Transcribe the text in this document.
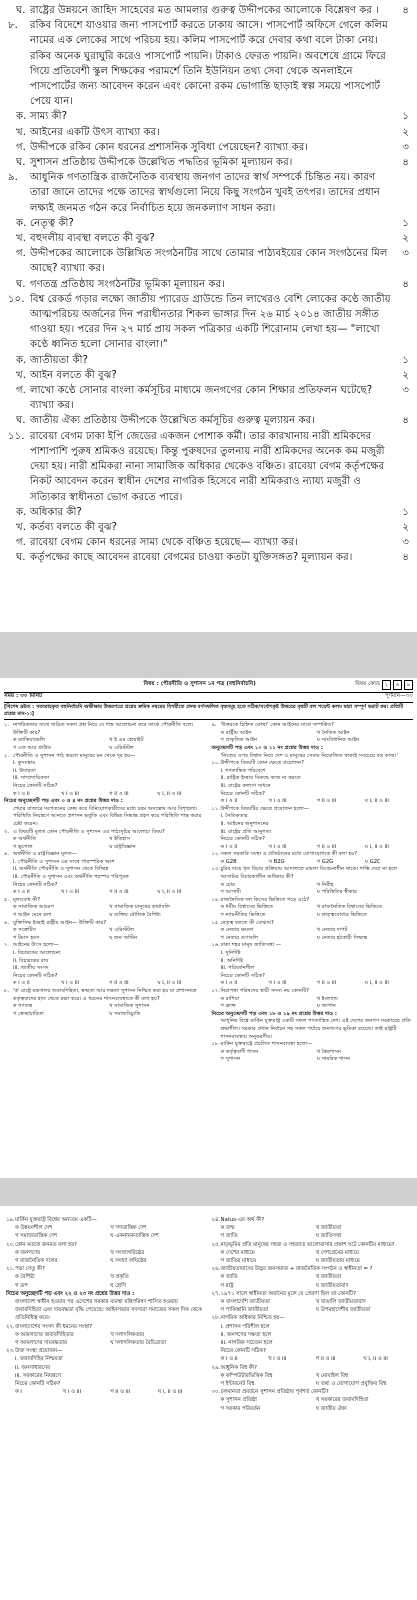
ঘ. রাষ্ট্রের উন্নয়নে জাহিদ সাহেবের মত আমলার গুরুত্ব উদ্দীপকের আলোকে বিশ্লেষণ কর ।	৪
৮.	রকিব বিদেশে যাওয়ার জন্য পাসপোর্ট করতে ঢাকায় আসে। পাসপোর্ট অফিসে গেলে কলিম নামের এক লোকের সাথে পরিচয় হয়। কলিম পাসপোর্ট করে দেবার কথা বলে টাকা নেয়। রকিব অনেক ঘুরাঘুরি করেও পাসপোর্ট পায়নি। টাকাও ফেরত পায়নি। অবশেষে গ্রামে ফিরে গিয়ে প্রতিবেশী স্কুল শিক্ষকের পরামর্শে তিনি ইউনিয়ন তথ্য সেবা থেকে অনলাইনে পাসপোর্টের জন্য আবেদন করেন এবং কোনো রকম ভোগান্তি ছাড়াই স্বল্প সময়ে পাসপোর্ট পেয়ে যান।
ক. সাম্য কী?	১
খ. আইনের একটি উৎস ব্যাখ্যা কর।	২
গ. উদ্দীপকে রকিব কোন ধরনের প্রশাসনিক সুবিধা পেয়েছেন? ব্যাখ্যা কর।	৩
ঘ. সুশাসন প্রতিষ্ঠায় উদ্দীপকে উল্লেখিত পদ্ধতির ভূমিকা মূল্যায়ন কর।	৪
৯.	আধুনিক গণতান্ত্রিক রাজনৈতিক ব্যবস্থায় জনগণ তাদের স্বার্থ সম্পর্কে চিন্তিত নয়। কারণ তারা জানে তাদের পক্ষে তাদের স্বার্থগুলো নিয়ে কিছু সংগঠন খুবই তৎপর। তাদের প্রধান লক্ষ্যই জনমত গঠন করে নির্বাচিত হয়ে জনকল্যাণ সাধন করা।
ক. নেতৃত্ব কী?	১
খ. বহুদলীয় ব্যবস্থা বলতে কী বুঝ?	২
গ. উদ্দীপকের আলোকে উল্লিখিত সংগঠনটির সাথে তোমার পাঠ্যবইয়ের কোন সংগঠনের মিল আছে? ব্যাখ্যা কর।
৩
ঘ. গণতন্ত্র প্রতিষ্ঠায় সংগঠনটির ভূমিকা মূল্যায়ন কর।	৪
১০. বিশ্ব রেকর্ড গড়ার লক্ষ্যে জাতীয় প্যারেড গ্রাউন্ডে তিন লাখেরও বেশি লোকের কণ্ঠে জাতীয় আত্মপরিচয় অর্জনের দিন পরাধীনতার শিকল ভাঙ্গার দিন ২৬ মার্চ ২০১৪ জাতীয় সঙ্গীত গাওয়া হয়। পরের দিন ২৭ মার্চ প্রায় সকল পত্রিকার একটি শিরোনাম লেখা হয়— "লাখো কণ্ঠে ধ্বনিত হলো সোনার বাংলা।"
ক. জাতীয়তা কী?	১
খ. আইন বলতে কী বুঝ?	২
গ. লাখো কণ্ঠে সোনার বাংলা কর্মসূচির মাধ্যমে জনগণের কোন শিক্ষার প্রতিফলন ঘটেছে? ব্যাখ্যা কর।
৩
ঘ. জাতীয় ঐক্য প্রতিষ্ঠায় উদ্দীপকে উল্লেখিত কর্মসূচির গুরুত্ব মূল্যায়ন কর।	৪
১১. রাবেয়া বেগম ঢাকা ইপি জেডের একজন পোশাক কর্মী। তার কারখানায় নারী শ্রমিকদের পাশাপাশি পুরুষ শ্রমিকও রয়েছে। কিন্তু পুরুষদের তুলনায় নারী শ্রমিকদের অনেক কম মজুরী দেয়া হয়। নারী শ্রমিকরা নানা সামাজিক অধিকার থেকেও বঞ্চিত। রাবেয়া বেগম কর্তৃপক্ষের নিকট আবেদন করেন স্বাধীন দেশের নাগরিক হিসেবে নারী শ্রমিকরাও ন্যায্য মজুরী ও সত্যিকার স্বাধীনতা ভোগ করতে পারে।
ক. অধিকার কী?	১
খ. কর্তব্য বলতে কী বুঝ?	২
গ. রাবেয়া বেগম কোন ধরনের সাম্য থেকে বঞ্চিত হয়েছে— ব্যাখ্যা কর।	৩
ঘ. কর্তৃপক্ষের কাছে আবেদন রাবেয়া বেগমের চাওয়া কতটা যুক্তিসঙ্গত? মূল্যায়ন কর।	৪
বিষয় : পৌরনীতি ও সুশাসন ১ম পত্র (বহুনির্বাচনি)	বিষয় কোড ২	৬	৯
সময় : ৩০ মিনিট	পূর্ণমান—৩০
[বিশেষ দ্রষ্টব্য : সরবরাহকৃত বহুনির্বাচনি অভীক্ষার উত্তরপত্রে প্রশ্নের ক্রমিক নম্বরের বিপরীতে প্রদত্ত বর্ণসম্বলিত বৃত্তসমূহ হতে সঠিক/সর্বোৎকৃষ্ট উত্তরের বৃত্তটি বল পয়েন্ট কলম দ্বারা সম্পূর্ণ ভরাট কর। প্রতিটি প্রশ্নের মান-১।]
১. নাগরিকতার সাথে জড়িত সকল প্রশ্ন নিয়ে যে শাস্ত্র আলোচনা করে তাকে পৌরনীতি বলে। উক্তিটি কার?
ক ম্যাকিয়াভেলি	খ ই এম হোয়াইট
গ এফ আর গ্রাউড	ঘ এরিস্টটল
২. পৌরনীতি ও সুশাসন পাঠ করলে মানুষের মন থেকে দূর হয়—
i. কুসংস্কার
ii. উদারতা
iii. সাম্প্রদায়িকতা
নিচের কোনটি সঠিক?
ক i ও ii	খ i ও iii	গ ii ও iii	ঘ i, ii ও iii
নিচের অনুচ্ছেদটি পড় এবং ৩ ও ৪ নং প্রশ্নের উত্তর দাও :
শেয়ার বাজারে দরপতনের কেন্দ্র করে বিনিয়োগকারীদের মধ্যে চরম অসন্তোষ আর বিশৃঙ্খলা। পরিস্থিতি নিয়ন্ত্রণে আনতে প্রশাসন ভর্তুকি এবং বিভিন্ন সিদ্ধান্ত গ্রহণ করে পরিস্থিতি শান্ত করার চেষ্টা করেন।
৩. এ বিষয়টি মূলত কোন পৌরনীতি ও সুশাসন এর পাঠ্যসূচির আলোচ্য বিষয়?
ক অর্থনীতি	খ ইতিহাস
গ ভূগোল	ঘ রাষ্ট্রবিজ্ঞান
৪. অর্থনীতি ও রাষ্ট্রবিজ্ঞান মূলত—
i. পৌরনীতি ও সুশাসন এর সাথে পারস্পরিক অংশ
ii. অর্থনীতি পৌরনীতি ও সুশাসন থেকে বিচ্ছিন্ন
iii. পৌরনীতি ও সুশাসন এবং অর্থনীতি পরস্পর পরিপূরক
নিচের কোনটি সঠিক?
ক i ও ii	খ i ও iii	গ ii ও iii	ঘ i, ii ও iii
৫. মূল্যবোধ কী?
ক সামাজিক আচরণ	খ সামাজিক মানুষের কার্যাবলি
গ আইন মেনে চলা	ঘ ব্যক্তির মৌলিক বৈশিষ্ট্য
৬. যুক্তিসিদ্ধ ইচ্ছাই রাষ্ট্রীয় আইন— উক্তিটি কার?
ক সক্রেটিস	খ এরিস্টটল
গ টমাস হবস	ঘ জন অস্টিন
৭. আইনের উৎস হলো—
i. বিচারকের আলোচনা
ii. বিচারকের রায়
iii. জাতীয় সংসদ
নিচের কোনটি সঠিক?
ক i ও ii	খ i ও iii	গ ii ও iii	ঘ i, ii ও iii
৮. 'ক' রাষ্ট্রে মন্ত্রণালয় জবাবদিহিতা, স্বচ্ছতা আর দক্ষতা সুশাসন নিশ্চিত করা হয় যা প্রশাসনকে কর্তৃত্ববাদের হাত থেকে রক্ষা করে। এ ধরনের শাসনব্যবস্থাকে কী বলা হয়?
ক গণতন্ত্র	খ সামাজিক সুশাসন
গ স্বেচ্ছাচারিতা	ঘ সমাজবিচ্যুতি
৯. 'উত্তরকে চিহ্নিত কোথা' কোন আইনের সাথে সম্পর্কিত?
ক রাষ্ট্রীয় আইন	খ নৈতিক আইন
গ প্রাকৃতিক আইন	ঘ সাংবিধানিক আইন
অনুচ্ছেদটি পড় এবং ১০ ও ১১ নং প্রশ্নের উত্তর দাও :
'নিজের ওপর বিশ্বাস নিয়ে দেশ ও মানুষের সেবায় নিয়োজিত থাকাই সবচেয়ে বড় কাজ।'
১০. উদ্দীপকে বিষয়টি কোন ক্ষেত্রে প্রয়োজন?
i. গণতান্ত্রিক পরিবেশে
ii. রাষ্ট্রিক ইচ্ছার বিরুদ্ধে কাজ না করতে
iii. রাষ্ট্রের কল্যাণ সাধনে
নিচের কোনটি সঠিক?
ক i ও ii	খ i ও iii	গ ii ও iii	ঘ i, ii ও iii
১১. উদ্দীপকে বিষয়টির ক্ষেত্রে প্রয়োজন হলো—
i. নৈতিকতার
ii. আইনের অনুশাসনের
iii. রাষ্ট্রের প্রতি আনুগত্য
নিচের কোনটি সঠিক?
ক i ও ii	খ i ও iii	গ ii ও iii	ঘ i, ii ও iii
১২. সকল সরকারি সংস্থা ও প্রতিষ্ঠানের মধ্যে যোগাযোগকে কী বলা হয়?
ক G2B	খ B2G	গ G2G	ঘ G2C
১৩. চুরির দায়ে ধৃত বিচার প্রক্রিয়ায় আদালতে মামলা বিবেচনাধীন থাকে। শাস্তি দেয়া না হলে আসামির বিচারকালীন অধিকার কী?
ক চোর	খ নিরীহ
গ আসামী	ঘ পরিস্থিতির স্বীকার
১৪. রাজনৈতিক দল কিসের ভিত্তিতে গড়ে ওঠে?
ক ধর্মীয় বিশ্বাসের ভিত্তিতে	খ রাজনৈতিক বিশ্বাসের ভিত্তিতে
গ ন্যায়নীতির ভিত্তিতে	ঘ ভ্রাতৃত্ববোধের ভিত্তিতে
১৫. নেতৃত্ব বলতে কী বোঝায়?
ক নেতার ক্ষমতা	খ নেতার দাপট
গ নেতার গুণাবলি	ঘ নেতার হঠকারী সিদ্ধান্ত
১৬. ঢাকা শহর মানুষ জাতিসত্তা —
i. সুনির্দিষ্ট
ii. অনির্দিষ্ট
iii. পরিবর্তনশীল
নিচের কোনটি সঠিক?
ক i ও ii	খ i ও iii	গ ii ও iii	ঘ i, ii ও iii
১৭. নিরাপত্তা পরিষদের স্থায়ী সদস্য নয় কোনটি?
ক রাশিয়া	খ ইংল্যান্ড
গ ফ্রান্স	ঘ জাপান
নিচের অনুচ্ছেদটি পড় এবং ১৮ ও ১৯ নং প্রশ্নের উত্তর দাও :
আধুনিক বিশ্বে মার্কিন যুক্তরাষ্ট্র একটি সফল গণতান্ত্রিক দেশ। এই দেশের জনগণ সরকারের প্রতি শ্রদ্ধাশীল। সরকার প্রধান নির্বাচন সহ সকল পর্যায়ে জনগণের ভূমিকা রয়েছে। তাই রাষ্ট্রটি শাসনব্যবস্থায় অনুকরণীয়।
১৮. মার্কিন যুক্তরাষ্ট্রে প্রচলিত শাসনব্যবস্থা হলো—
ক কর্তৃত্ববাদী শাসন	খ স্বৈরশাসন
গ সুশাসন	ঘ সামরিক শাসন
১৯. মার্কিন যুক্তরাষ্ট্র বিশ্বের অন্যতম একটি—
ক উন্নয়নশীল দেশ	খ গণতান্ত্রিক দেশ
গ সমাজতান্ত্রিক দেশ	ঘ একনায়কতান্ত্রিক দেশ
২০. কোন মতকে জনমত বলা হয়?
ক জনগণের	খ সংখ্যাগরিষ্ঠের
গ রাজনৈতিক দলের	ঘ সংখ্যা লঘিষ্ঠের
২১. পদ্মা সেতু কী?
ক বৈশিষ্ট্য	খ প্রকৃতি
গ রূপ	ঘ শ্রেণি
নিচের অনুচ্ছেদটি পড় এবং ২২ ও ২৩ নং প্রশ্নের উত্তর দাও :
বাংলাদেশ স্বাধীন হওয়ার পর এদেশের সরকার ব্যবস্থা মন্ত্রিপরিষদ শাসিত হওয়ায় জবাবদিহিতা এবং দায়বদ্ধতা বৃদ্ধি পেয়েছে। আইনসভার সদস্যরা সমাজের সকল দিক থেকে প্রতিনিধিত্ব করে।
২২. বাংলাদেশের সংসদ কী ধরনের সংস্থা?
ক আমলাদের জবাবদিহিতার	খ দলাদলিকতার
গ আমলাদের দায়বদ্ধতার	ঘ দলাদলিকতার বৈচিত্র্যতা
২৩. উক্ত সংস্থা প্রয়োজন—
i. জবাবদিহির নিশ্চয়তা
ii. জনসাধারণের
iii. সরকারের নিয়ন্ত্রণে
নিচের কোনটি সঠিক?
ক i	খ i ও iii	গ ii ও iii	ঘ i, ii ও iii
২৪. Natus-এর অর্থ কী?
ক জন্ম	খ জাতীয়তা
গ জাতি	ঘ জাতিসত্তা
২৫. মাতৃভূমির প্রতি মানুষের সহজ ও সহজাত ভালোবাসার প্রকাশ ঘটে কোনটির মাধ্যমে?
ক দেশের মাধ্যমে	খ দেশপ্রেমের মাধ্যমে
গ জাতির মাধ্যমে	ঘ জাতীয়তার মাধ্যমে
২৬. জাতীয়তাবাদের উদ্ভব জনসমাজ + রাজনৈতিক সংগঠন ও স্বাধীনতা = ?
ক জাতি	খ জাতীয়তা
গ রাষ্ট্র	ঘ জাতীয়তাবাদ
২৭. ১৯৭১ সালে স্বাধীনতা অর্জনের মূলে যে প্রেরণা ছিল তা কোনটি?
ক বাংলাদেশি জাতীয়তা	খ বাঙালি জাতীয়তাবাদ
গ পাকিস্তানি জাতীয়তা	ঘ উপমহাদেশীয় জাতীয়তা
২৮. নাগরিক অধিকার নিশ্চিত হয়—
i. প্রশাসন পরিশীল হলে
ii. জনগণের দক্ষতা হলে
iii. নাগরিক সচেতন হলে
নিচের কোনটি সঠিক?
ক i ও ii	খ i ও iii	গ ii ও iii	ঘ i, ii ও iii
২৯. আধুনিক বিশ্ব কী?
ক কম্পিউটারভিত্তিক বিশ্ব	খ মোবাইল বিশ্ব
গ ইন্টারনেট বিশ্ব	ঘ তথ্য ও যোগাযোগ প্রযুক্তির বিশ্ব
৩০. চলমানতা প্রবর্তনে সুশাসন প্রতিষ্ঠার পূর্বশর্ত কোনটি?
ক সুশাসন প্রতিষ্ঠা	খ সরকারের জবাবদিহিতা
গ সরকার পরিবর্তন	ঘ জাতীয় ঐক্য
